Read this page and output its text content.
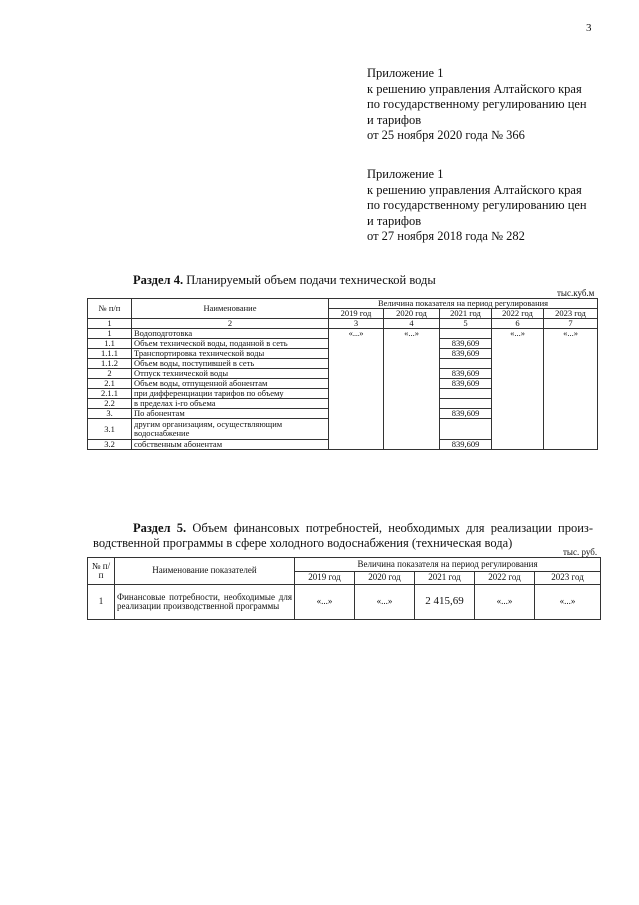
3
Приложение 1
к решению управления Алтайского края
по государственному регулированию цен
и тарифов
от 25 ноября 2020 года № 366
Приложение 1
к решению управления Алтайского края
по государственному регулированию цен
и тарифов
от 27 ноября 2018 года № 282
Раздел 4. Планируемый объем подачи технической воды
тыс.куб.м
№ п/п	Наименование	Величина показателя на период регулирования				
		2019 год	2020 год	2021 год	2022 год	2023 год
1	2	3	4	5	6	7
1	Водоподготовка	«...»	«...»		«...»	«...»
1.1	Объем технической воды, поданной в сеть			839,609		
1.1.1	Транспортировка технической воды			839,609		
1.1.2	Объем воды, поступившей в сеть					
2	Отпуск технической воды			839,609		
2.1	Объем воды, отпущенной абонентам			839,609		
2.1.1	при дифференциации тарифов по объему					
2.2	в пределах i-го объема					
3.	По абонентам			839,609		
3.1	другим организациям, осуществляющим водоснабжение					
3.2	собственным абонентам			839,609		
Раздел 5. Объем финансовых потребностей, необходимых для реализации произ-
водственной программы в сфере холодного водоснабжения (техническая вода)
тыс. руб.
№ п/п	Наименование показателей	Величина показателя на период регулирования				
		2019 год	2020 год	2021 год	2022 год	2023 год
1	Финансовые потребности, необходимые для реализации производственной программы	«...»	«...»	2 415,69	«...»	«...»
